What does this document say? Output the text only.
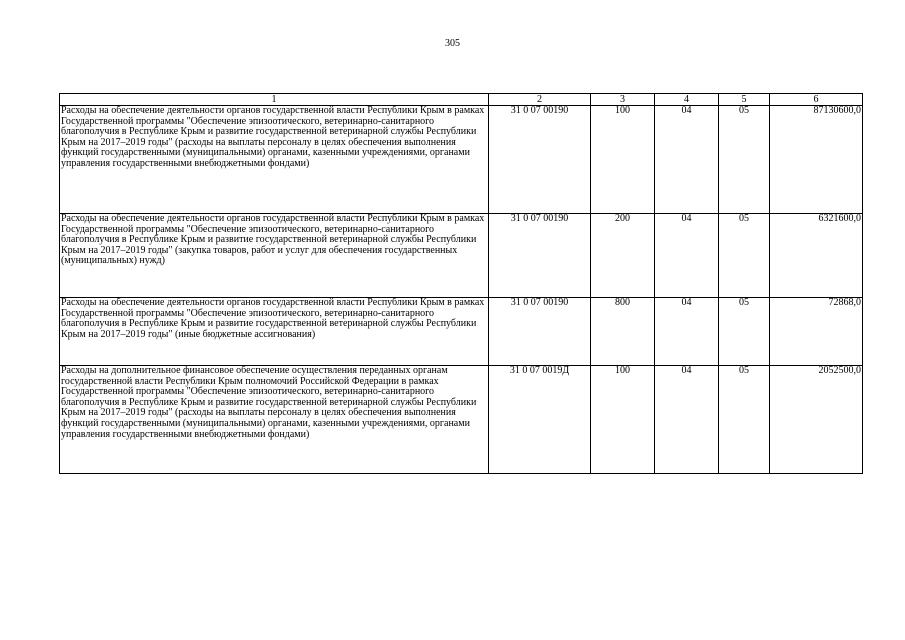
305
1	2	3	4	5	6
Расходы на обеспечение деятельности органов государственной власти Республики Крым в рамках Государственной программы "Обеспечение эпизоотического, ветеринарно-санитарного благополучия в Республике Крым и развитие государственной ветеринарной службы Республики Крым на 2017–2019 годы" (расходы на выплаты персоналу в целях обеспечения выполнения функций государственными (муниципальными) органами, казенными учреждениями, органами управления государственными внебюджетными фондами)	31 0 07 00190	100	04	05	87130600,0
Расходы на обеспечение деятельности органов государственной власти Республики Крым в рамках Государственной программы "Обеспечение эпизоотического, ветеринарно-санитарного благополучия в Республике Крым и развитие государственной ветеринарной службы Республики Крым на 2017–2019 годы" (закупка товаров, работ и услуг для обеспечения государственных (муниципальных) нужд)	31 0 07 00190	200	04	05	6321600,0
Расходы на обеспечение деятельности органов государственной власти Республики Крым в рамках Государственной программы "Обеспечение эпизоотического, ветеринарно-санитарного благополучия в Республике Крым и развитие государственной ветеринарной службы Республики Крым на 2017–2019 годы" (иные бюджетные ассигнования)	31 0 07 00190	800	04	05	72868,0
Расходы на дополнительное финансовое обеспечение осуществления переданных органам государственной власти Республики Крым полномочий Российской Федерации в рамках Государственной программы "Обеспечение эпизоотического, ветеринарно-санитарного благополучия в Республике Крым и развитие государственной ветеринарной службы Республики Крым на 2017–2019 годы" (расходы на выплаты персоналу в целях обеспечения выполнения функций государственными (муниципальными) органами, казенными учреждениями, органами управления государственными внебюджетными фондами)	31 0 07 0019Д	100	04	05	2052500,0
